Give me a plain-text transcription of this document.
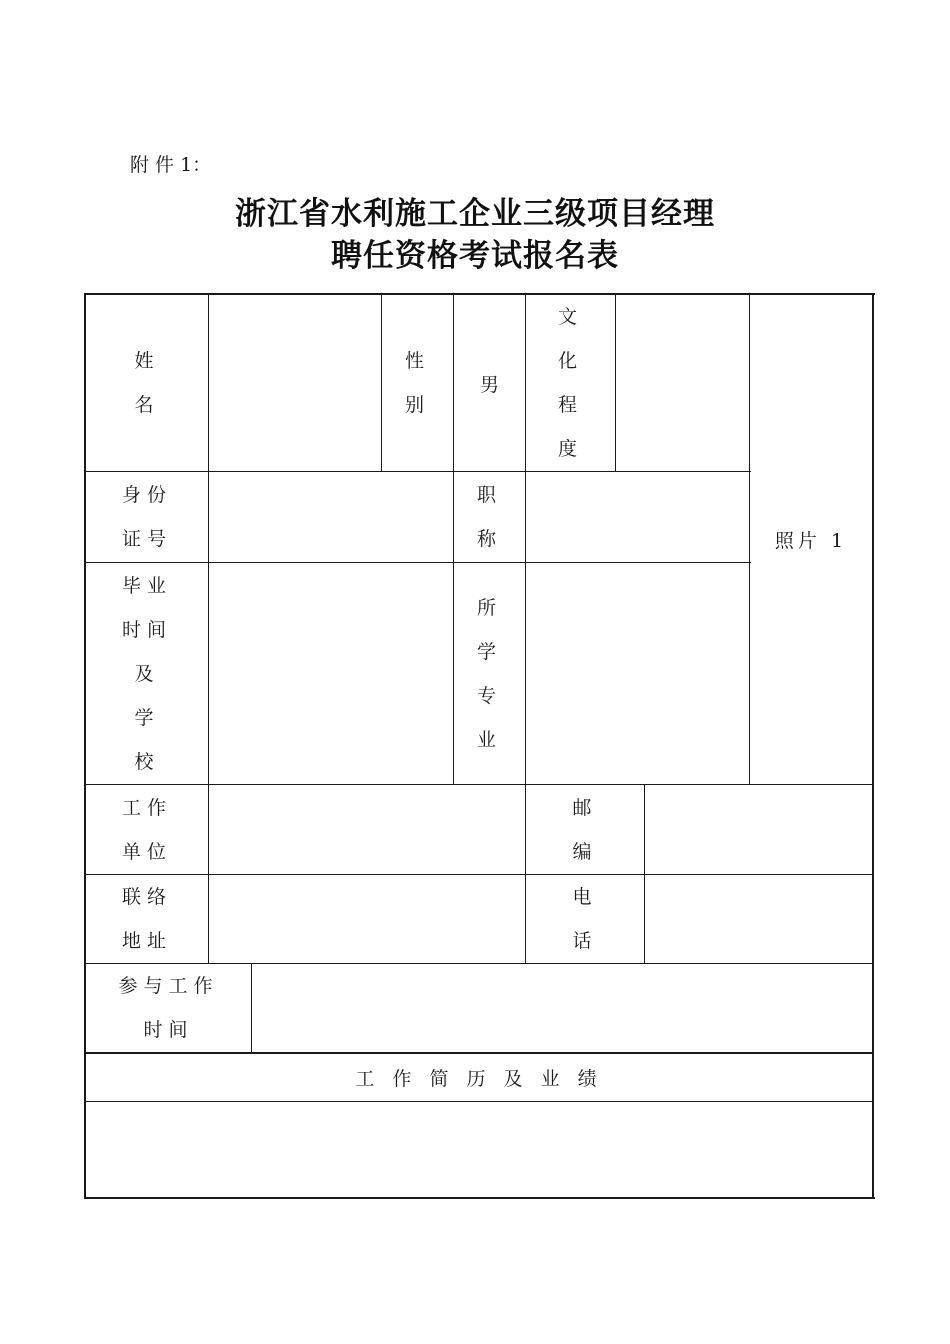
附 件 1：
浙江省水利施工企业三级项目经理
聘任资格考试报名表
姓
名
性
别
男
文
化
程
度
照片 1
身份
证号
职
称
毕业
时间
及
学
校
所
学
专
业
工作
单位
邮
编
联络
地址
电
话
参与工作
时间
工 作 简 历 及 业 绩
